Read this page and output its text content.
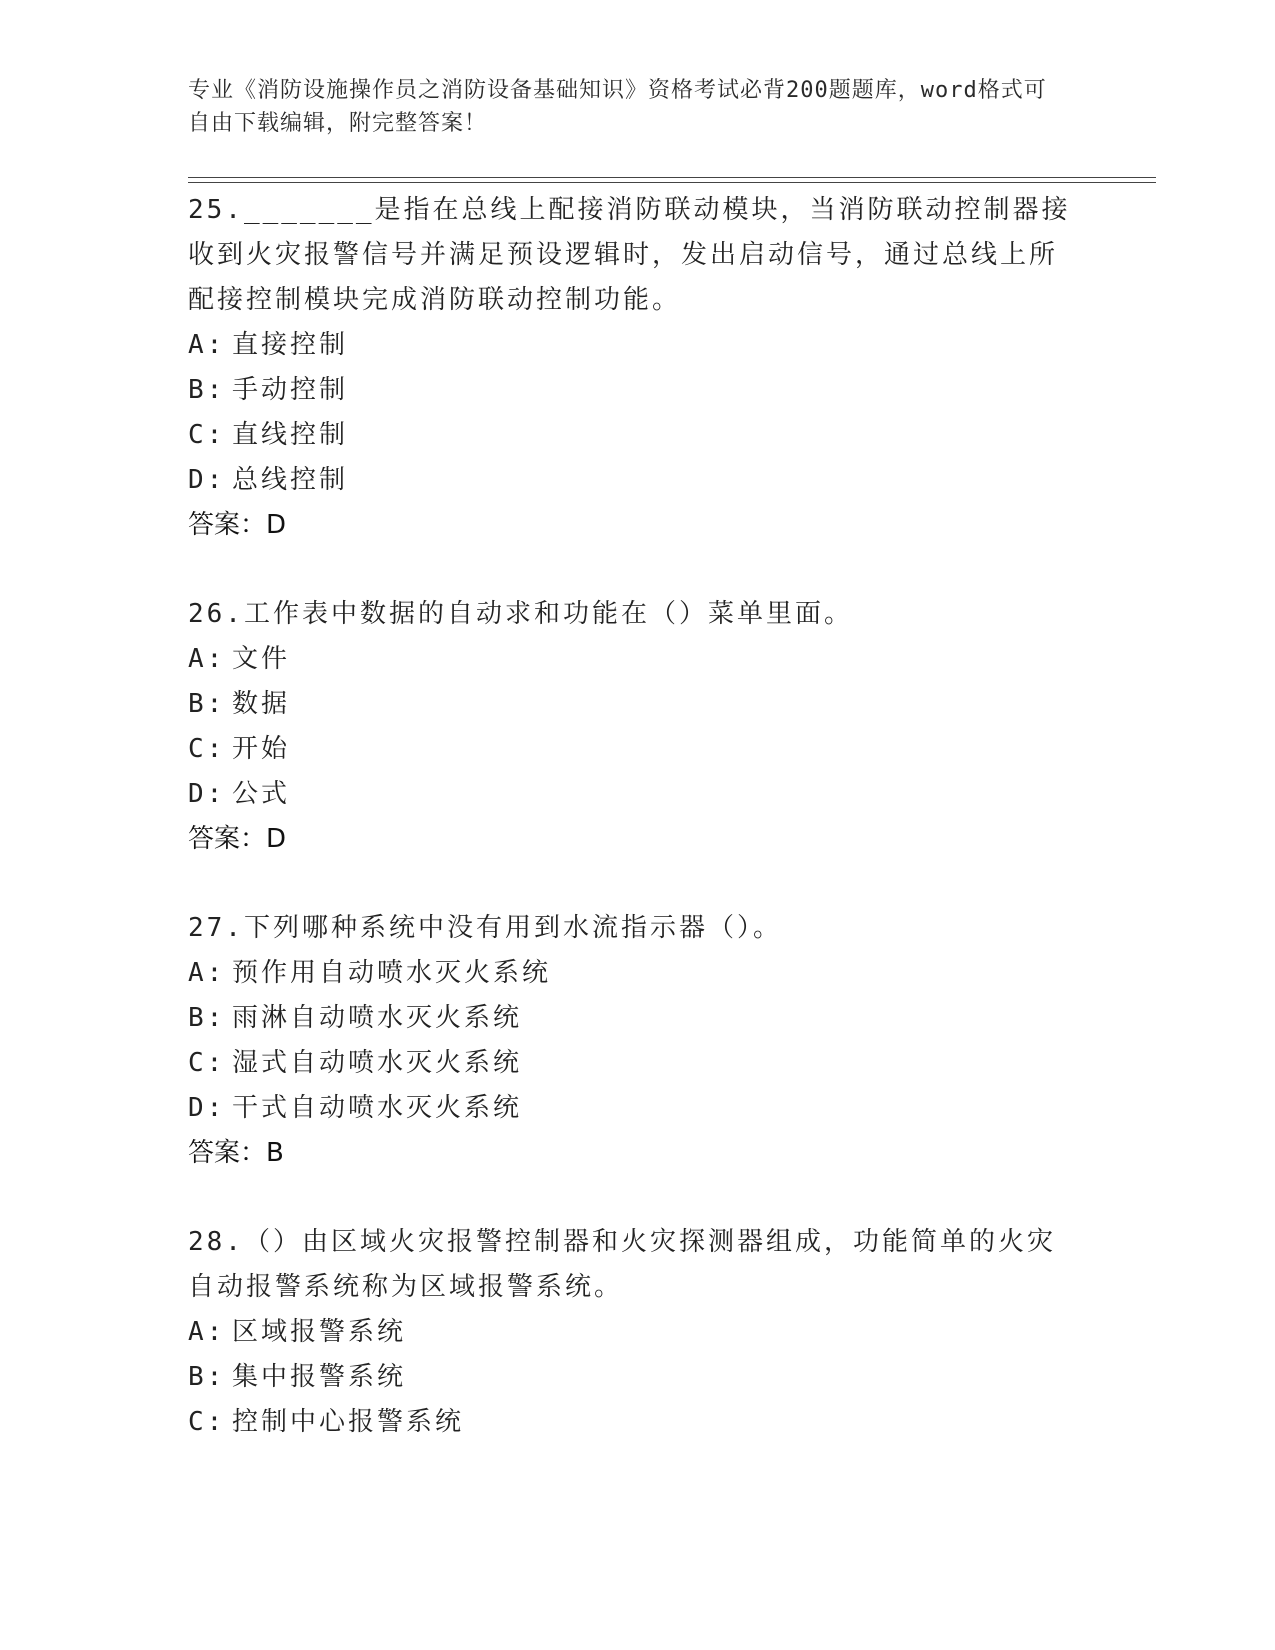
专业《消防设施操作员之消防设备基础知识》资格考试必背200题题库，word格式可自由下载编辑，附完整答案！
25._______是指在总线上配接消防联动模块，当消防联动控制器接收到火灾报警信号并满足预设逻辑时，发出启动信号，通过总线上所配接控制模块完成消防联动控制功能。
A: 直接控制
B: 手动控制
C: 直线控制
D: 总线控制
答案：D
26.工作表中数据的自动求和功能在（）菜单里面。
A: 文件
B: 数据
C: 开始
D: 公式
答案：D
27.下列哪种系统中没有用到水流指示器（）。
A: 预作用自动喷水灭火系统
B: 雨淋自动喷水灭火系统
C: 湿式自动喷水灭火系统
D: 干式自动喷水灭火系统
答案：B
28.（）由区域火灾报警控制器和火灾探测器组成，功能简单的火灾自动报警系统称为区域报警系统。
A: 区域报警系统
B: 集中报警系统
C: 控制中心报警系统
